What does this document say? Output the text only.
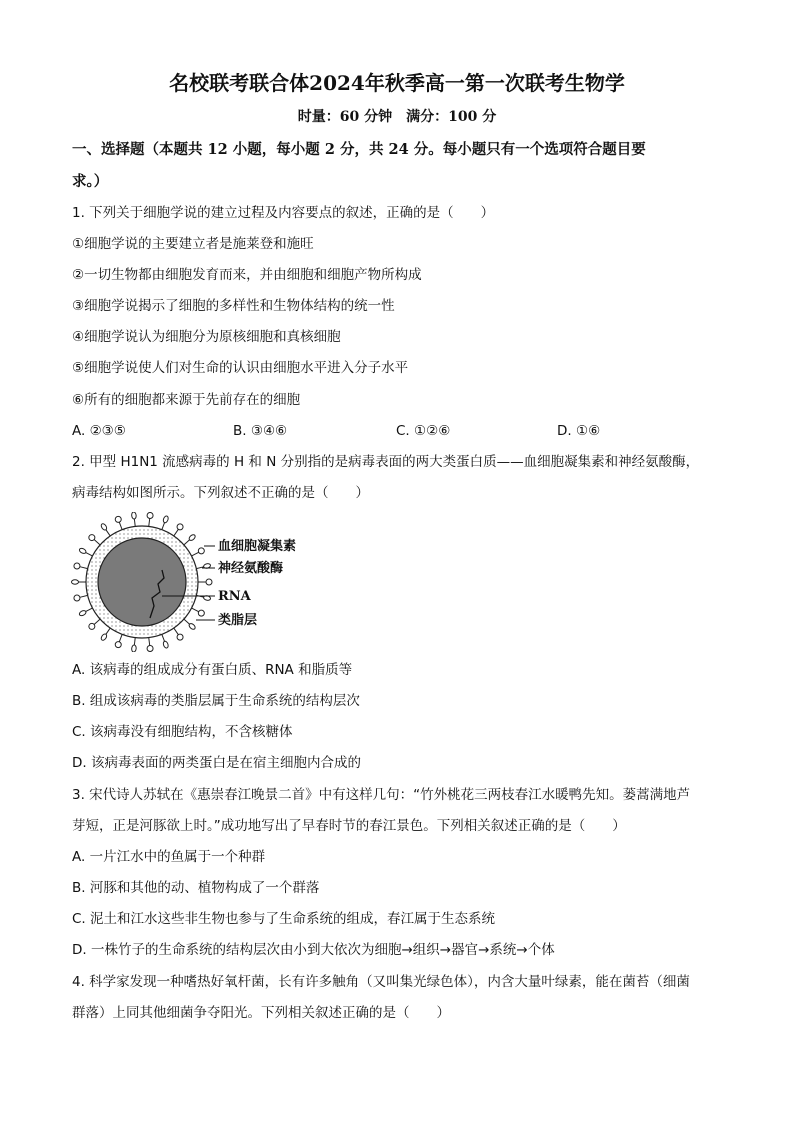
名校联考联合体2024年秋季高一第一次联考生物学
时量：60 分钟　满分：100 分
一、选择题（本题共 12 小题，每小题 2 分，共 24 分。每小题只有一个选项符合题目要
求。）
1. 下列关于细胞学说的建立过程及内容要点的叙述，正确的是（　　）
①细胞学说的主要建立者是施莱登和施旺
②一切生物都由细胞发育而来，并由细胞和细胞产物所构成
③细胞学说揭示了细胞的多样性和生物体结构的统一性
④细胞学说认为细胞分为原核细胞和真核细胞
⑤细胞学说使人们对生命的认识由细胞水平进入分子水平
⑥所有的细胞都来源于先前存在的细胞
A. ②③⑤	B. ③④⑥	C. ①②⑥	D. ①⑥
2. 甲型 H1N1 流感病毒的 H 和 N 分别指的是病毒表面的两大类蛋白质——血细胞凝集素和神经氨酸酶，
病毒结构如图所示。下列叙述不正确的是（　　）
血细胞凝集素
神经氨酸酶
RNA
类脂层
A. 该病毒的组成成分有蛋白质、RNA 和脂质等
B. 组成该病毒的类脂层属于生命系统的结构层次
C. 该病毒没有细胞结构，不含核糖体
D. 该病毒表面的两类蛋白是在宿主细胞内合成的
3. 宋代诗人苏轼在《惠崇春江晚景二首》中有这样几句：“竹外桃花三两枝春江水暖鸭先知。蒌蒿满地芦
芽短，正是河豚欲上时。”成功地写出了早春时节的春江景色。下列相关叙述正确的是（　　）
A. 一片江水中的鱼属于一个种群
B. 河豚和其他的动、植物构成了一个群落
C. 泥土和江水这些非生物也参与了生命系统的组成，春江属于生态系统
D. 一株竹子的生命系统的结构层次由小到大依次为细胞→组织→器官→系统→个体
4. 科学家发现一种嗜热好氧杆菌，长有许多触角（又叫集光绿色体），内含大量叶绿素，能在菌苔（细菌
群落）上同其他细菌争夺阳光。下列相关叙述正确的是（　　）
